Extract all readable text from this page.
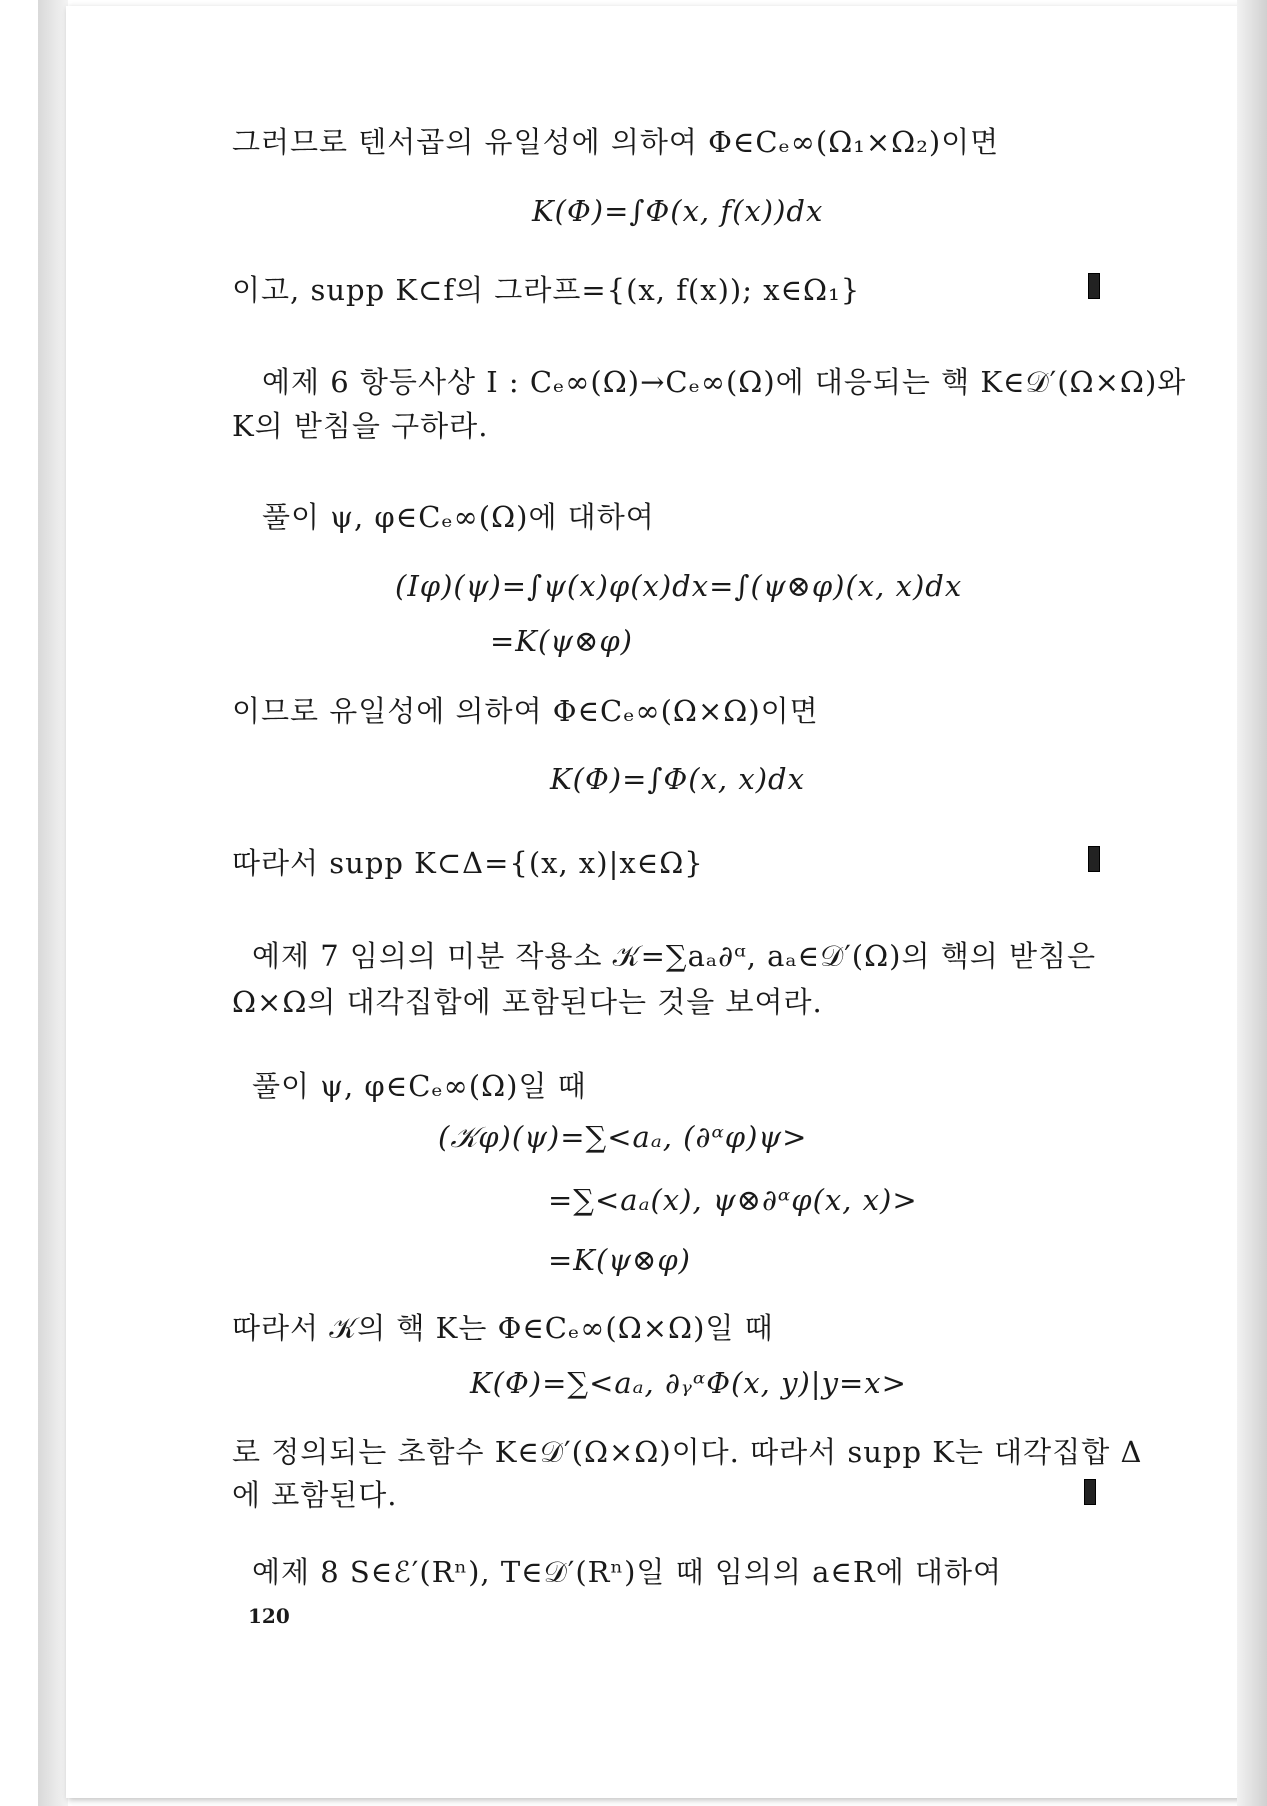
그러므로 텐서곱의 유일성에 의하여 Φ∈Cₑ∞(Ω₁×Ω₂)이면
K(Φ)=∫Φ(x, f(x))dx
이고, supp K⊂f의 그라프={(x, f(x)); x∈Ω₁}
예제 6 항등사상 I : Cₑ∞(Ω)→Cₑ∞(Ω)에 대응되는 핵 K∈𝒟′(Ω×Ω)와
K의 받침을 구하라.
풀이 ψ, φ∈Cₑ∞(Ω)에 대하여
(Iφ)(ψ)=∫ψ(x)φ(x)dx=∫(ψ⊗φ)(x, x)dx
=K(ψ⊗φ)
이므로 유일성에 의하여 Φ∈Cₑ∞(Ω×Ω)이면
K(Φ)=∫Φ(x, x)dx
따라서 supp K⊂Δ={(x, x)|x∈Ω}
예제 7 임의의 미분 작용소 𝒦=∑aₐ∂ᵅ, aₐ∈𝒟′(Ω)의 핵의 받침은
Ω×Ω의 대각집합에 포함된다는 것을 보여라.
풀이 ψ, φ∈Cₑ∞(Ω)일 때
(𝒦φ)(ψ)=∑<aₐ, (∂ᵅφ)ψ>
=∑<aₐ(x), ψ⊗∂ᵅφ(x, x)>
=K(ψ⊗φ)
따라서 𝒦의 핵 K는 Φ∈Cₑ∞(Ω×Ω)일 때
K(Φ)=∑<aₐ, ∂ᵧᵅΦ(x, y)|y=x>
로 정의되는 초함수 K∈𝒟′(Ω×Ω)이다. 따라서 supp K는 대각집합 Δ
에 포함된다.
예제 8 S∈ℰ′(Rⁿ), T∈𝒟′(Rⁿ)일 때 임의의 a∈R에 대하여
120
